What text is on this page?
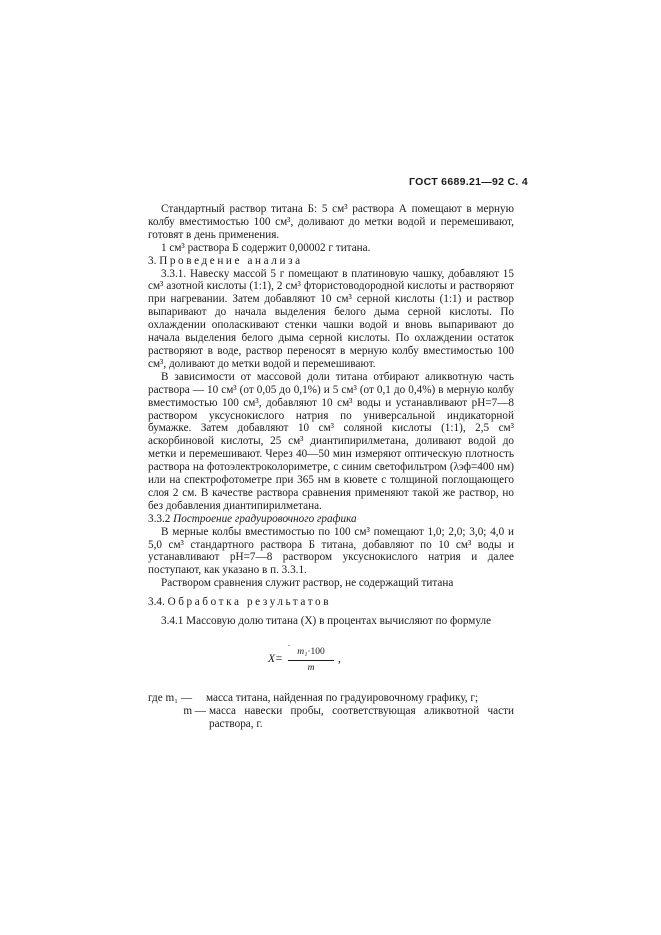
ГОСТ 6689.21—92 С. 4

Стандартный раствор титана Б: 5 см³ раствора А помещают в мерную колбу вместимостью 100 см³, доливают до метки водой и перемешивают, готовят в день применения.

1 см³ раствора Б содержит 0,00002 г титана.

3. Проведение анализа

3.3.1. Навеску массой 5 г помещают в платиновую чашку, добавляют 15 см³ азотной кислоты (1:1), 2 см³ фтористоводородной кислоты и растворяют при нагревании. Затем добавляют 10 см³ серной кислоты (1:1) и раствор выпаривают до начала выделения белого дыма серной кислоты. По охлаждении ополаскивают стенки чашки водой и вновь выпаривают до начала выделения белого дыма серной кислоты. По охлаждении остаток растворяют в воде, раствор переносят в мерную колбу вместимостью 100 см³, доливают до метки водой и перемешивают.

В зависимости от массовой доли титана отбирают аликвотную часть раствора — 10 см³ (от 0,05 до 0,1%) и 5 см³ (от 0,1 до 0,4%) в мерную колбу вместимостью 100 см³, добавляют 10 см³ воды и устанавливают pH=7—8 раствором уксуснокислого натрия по универсальной индикаторной бумажке. Затем добавляют 10 см³ соляной кислоты (1:1), 2,5 см³ аскорбиновой кислоты, 25 см³ диантипирилметана, доливают водой до метки и перемешивают. Через 40—50 мин измеряют оптическую плотность раствора на фотоэлектроколориметре, с синим светофильтром (λэф=400 нм) или на спектрофотометре при 365 нм в кювете с толщиной поглощающего слоя 2 см. В качестве раствора сравнения применяют такой же раствор, но без добавления диантипирилметана.

3.3.2 Построение градуировочного графика

В мерные колбы вместимостью по 100 см³ помещают 1,0; 2,0; 3,0; 4,0 и 5,0 см³ стандартного раствора Б титана, добавляют по 10 см³ воды и устанавливают pH=7—8 раствором уксуснокислого натрия и далее поступают, как указано в п. 3.3.1.

Раствором сравнения служит раствор, не содержащий титана

3.4. Обработка результатов

3.4.1 Массовую долю титана (X) в процентах вычисляют по формуле

.
$X= \frac{\text{m₁·100}}{m}$ ,
где m₁ —	масса титана, найденная по градуировочному графику, г;
m — масса навески пробы, соответствующая аликвотной части раствора, г.
